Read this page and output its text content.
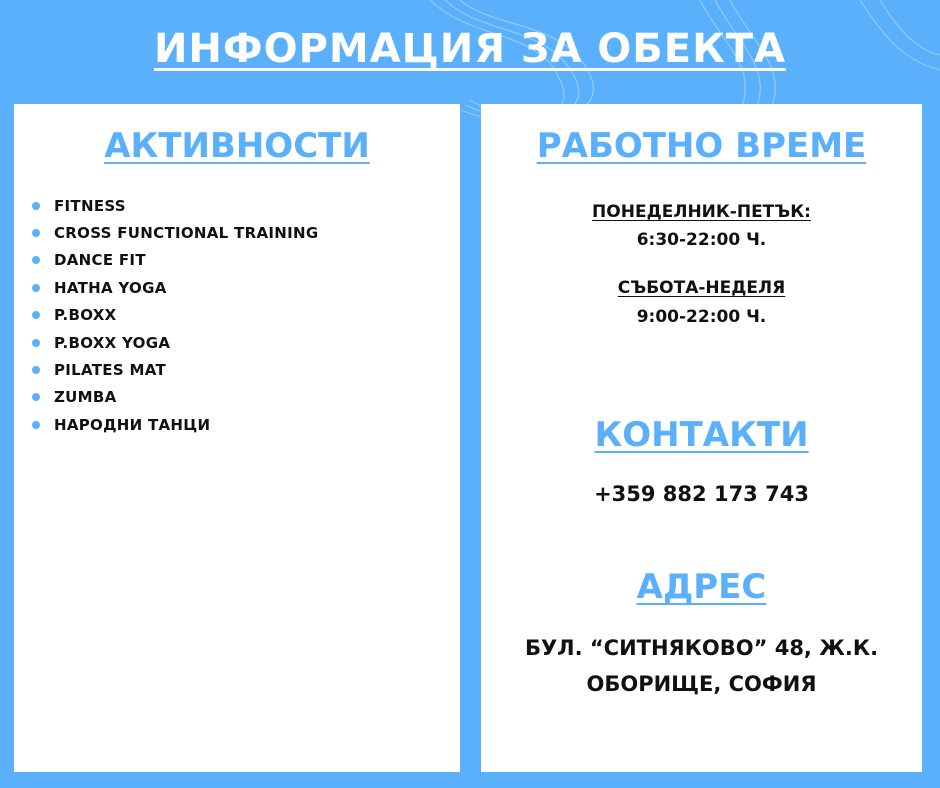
ИНФОРМАЦИЯ ЗА ОБЕКТА
АКТИВНОСТИ
FITNESS
CROSS FUNCTIONAL TRAINING
DANCE FIT
HATHA YOGA
P.BOXX
P.BOXX YOGA
PILATES MAT
ZUMBA
НАРОДНИ ТАНЦИ
РАБОТНО ВРЕМЕ

ПОНЕДЕЛНИК-ПЕТЪК:

6:30-22:00 Ч.

СЪБОТА-НЕДЕЛЯ

9:00-22:00 Ч.

КОНТАКТИ

+359 882 173 743

АДРЕС

БУЛ. “СИТНЯКОВО” 48, Ж.К.

ОБОРИЩЕ, СОФИЯ
